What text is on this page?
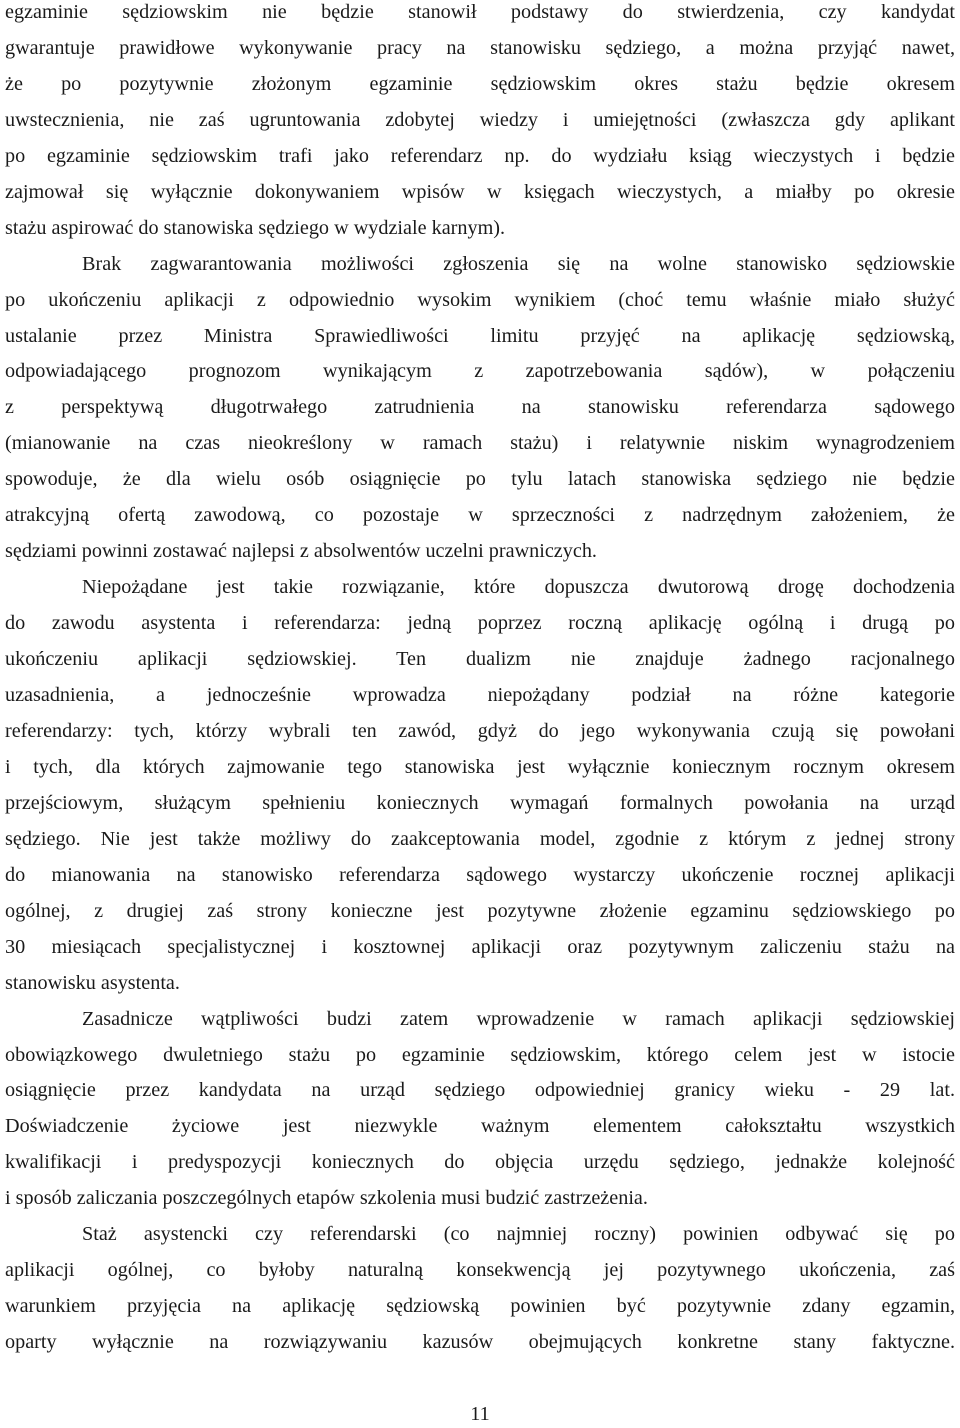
egzaminie sędziowskim nie będzie stanowił podstawy do stwierdzenia, czy kandydat
gwarantuje prawidłowe wykonywanie pracy na stanowisku sędziego, a można przyjąć nawet,
że po pozytywnie złożonym egzaminie sędziowskim okres stażu będzie okresem
uwstecznienia, nie zaś ugruntowania zdobytej wiedzy i umiejętności (zwłaszcza gdy aplikant
po egzaminie sędziowskim trafi jako referendarz np. do wydziału ksiąg wieczystych i będzie
zajmował się wyłącznie dokonywaniem wpisów w księgach wieczystych, a miałby po okresie
stażu aspirować do stanowiska sędziego w wydziale karnym).

Brak zagwarantowania możliwości zgłoszenia się na wolne stanowisko sędziowskie
po ukończeniu aplikacji z odpowiednio wysokim wynikiem (choć temu właśnie miało służyć
ustalanie przez Ministra Sprawiedliwości limitu przyjęć na aplikację sędziowską,
odpowiadającego prognozom wynikającym z zapotrzebowania sądów), w połączeniu
z perspektywą długotrwałego zatrudnienia na stanowisku referendarza sądowego
(mianowanie na czas nieokreślony w ramach stażu) i relatywnie niskim wynagrodzeniem
spowoduje, że dla wielu osób osiągnięcie po tylu latach stanowiska sędziego nie będzie
atrakcyjną ofertą zawodową, co pozostaje w sprzeczności z nadrzędnym założeniem, że
sędziami powinni zostawać najlepsi z absolwentów uczelni prawniczych.

Niepożądane jest takie rozwiązanie, które dopuszcza dwutorową drogę dochodzenia
do zawodu asystenta i referendarza: jedną poprzez roczną aplikację ogólną i drugą po
ukończeniu aplikacji sędziowskiej. Ten dualizm nie znajduje żadnego racjonalnego
uzasadnienia, a jednocześnie wprowadza niepożądany podział na różne kategorie
referendarzy: tych, którzy wybrali ten zawód, gdyż do jego wykonywania czują się powołani
i tych, dla których zajmowanie tego stanowiska jest wyłącznie koniecznym rocznym okresem
przejściowym, służącym spełnieniu koniecznych wymagań formalnych powołania na urząd
sędziego. Nie jest także możliwy do zaakceptowania model, zgodnie z którym z jednej strony
do mianowania na stanowisko referendarza sądowego wystarczy ukończenie rocznej aplikacji
ogólnej, z drugiej zaś strony konieczne jest pozytywne złożenie egzaminu sędziowskiego po
30 miesiącach specjalistycznej i kosztownej aplikacji oraz pozytywnym zaliczeniu stażu na
stanowisku asystenta.

Zasadnicze wątpliwości budzi zatem wprowadzenie w ramach aplikacji sędziowskiej
obowiązkowego dwuletniego stażu po egzaminie sędziowskim, którego celem jest w istocie
osiągnięcie przez kandydata na urząd sędziego odpowiedniej granicy wieku - 29 lat.
Doświadczenie życiowe jest niezwykle ważnym elementem całokształtu wszystkich
kwalifikacji i predyspozycji koniecznych do objęcia urzędu sędziego, jednakże kolejność
i sposób zaliczania poszczególnych etapów szkolenia musi budzić zastrzeżenia.

Staż asystencki czy referendarski (co najmniej roczny) powinien odbywać się po
aplikacji ogólnej, co byłoby naturalną konsekwencją jej pozytywnego ukończenia, zaś
warunkiem przyjęcia na aplikację sędziowską powinien być pozytywnie zdany egzamin,
oparty wyłącznie na rozwiązywaniu kazusów obejmujących konkretne stany faktyczne.

11
